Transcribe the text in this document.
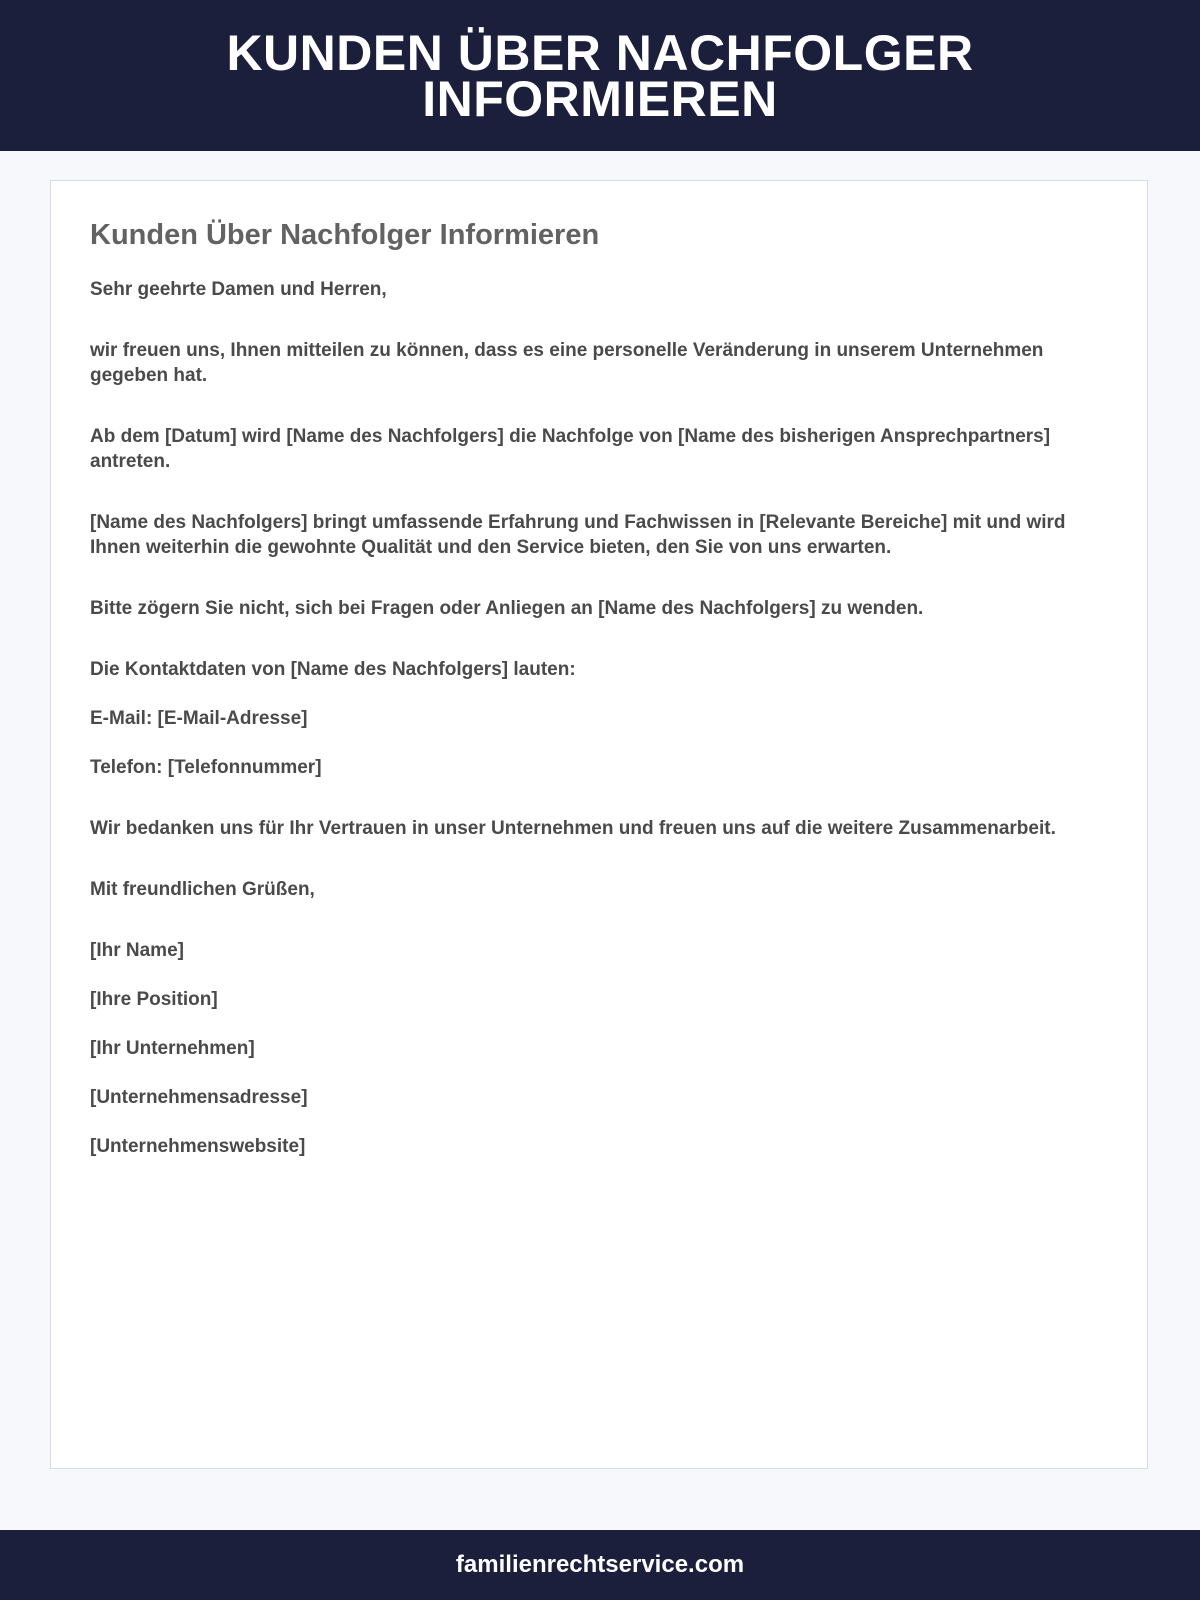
KUNDEN ÜBER NACHFOLGER INFORMIEREN
Kunden Über Nachfolger Informieren

Sehr geehrte Damen und Herren,

wir freuen uns, Ihnen mitteilen zu können, dass es eine personelle Veränderung in unserem Unternehmen gegeben hat.

Ab dem [Datum] wird [Name des Nachfolgers] die Nachfolge von [Name des bisherigen Ansprechpartners] antreten.

[Name des Nachfolgers] bringt umfassende Erfahrung und Fachwissen in [Relevante Bereiche] mit und wird Ihnen weiterhin die gewohnte Qualität und den Service bieten, den Sie von uns erwarten.

Bitte zögern Sie nicht, sich bei Fragen oder Anliegen an [Name des Nachfolgers] zu wenden.

Die Kontaktdaten von [Name des Nachfolgers] lauten:

E-Mail: [E-Mail-Adresse]

Telefon: [Telefonnummer]

Wir bedanken uns für Ihr Vertrauen in unser Unternehmen und freuen uns auf die weitere Zusammenarbeit.

Mit freundlichen Grüßen,

[Ihr Name]

[Ihre Position]

[Ihr Unternehmen]

[Unternehmensadresse]

[Unternehmenswebsite]

familienrechtservice.com
